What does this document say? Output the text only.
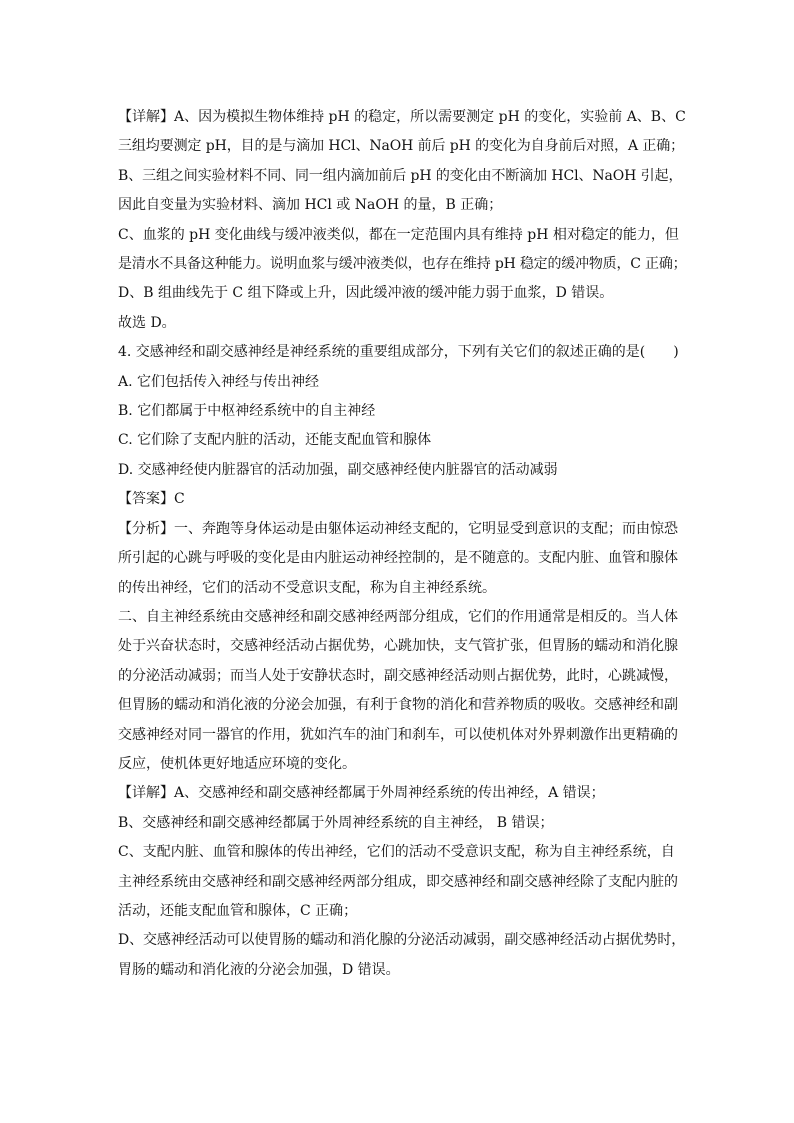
【详解】A、因为模拟生物体维持 pH 的稳定，所以需要测定 pH 的变化，实验前 A、B、C
三组均要测定 pH，目的是与滴加 HCl、NaOH 前后 pH 的变化为自身前后对照，A 正确；
B、三组之间实验材料不同、同一组内滴加前后 pH 的变化由不断滴加 HCl、NaOH 引起，
因此自变量为实验材料、滴加 HCl 或 NaOH 的量，B 正确；
C、血浆的 pH 变化曲线与缓冲液类似，都在一定范围内具有维持 pH 相对稳定的能力，但
是清水不具备这种能力。说明血浆与缓冲液类似，也存在维持 pH 稳定的缓冲物质，C 正确；
D、B 组曲线先于 C 组下降或上升，因此缓冲液的缓冲能力弱于血浆，D 错误。
故选 D。
4. 交感神经和副交感神经是神经系统的重要组成部分，下列有关它们的叙述正确的是(　　)
A. 它们包括传入神经与传出神经
B. 它们都属于中枢神经系统中的自主神经
C. 它们除了支配内脏的活动，还能支配血管和腺体
D. 交感神经使内脏器官的活动加强，副交感神经使内脏器官的活动减弱
【答案】C
【分析】一、奔跑等身体运动是由躯体运动神经支配的，它明显受到意识的支配；而由惊恐
所引起的心跳与呼吸的变化是由内脏运动神经控制的，是不随意的。支配内脏、血管和腺体
的传出神经，它们的活动不受意识支配，称为自主神经系统。
二、自主神经系统由交感神经和副交感神经两部分组成，它们的作用通常是相反的。当人体
处于兴奋状态时，交感神经活动占据优势，心跳加快，支气管扩张，但胃肠的蠕动和消化腺
的分泌活动减弱；而当人处于安静状态时，副交感神经活动则占据优势，此时，心跳减慢，
但胃肠的蠕动和消化液的分泌会加强，有利于食物的消化和营养物质的吸收。交感神经和副
交感神经对同一器官的作用，犹如汽车的油门和刹车，可以使机体对外界刺激作出更精确的
反应，使机体更好地适应环境的变化。
【详解】A、交感神经和副交感神经都属于外周神经系统的传出神经，A 错误；
B、交感神经和副交感神经都属于外周神经系统的自主神经， B 错误；
C、支配内脏、血管和腺体的传出神经，它们的活动不受意识支配，称为自主神经系统，自
主神经系统由交感神经和副交感神经两部分组成，即交感神经和副交感神经除了支配内脏的
活动，还能支配血管和腺体，C 正确；
D、交感神经活动可以使胃肠的蠕动和消化腺的分泌活动减弱，副交感神经活动占据优势时，
胃肠的蠕动和消化液的分泌会加强，D 错误。
